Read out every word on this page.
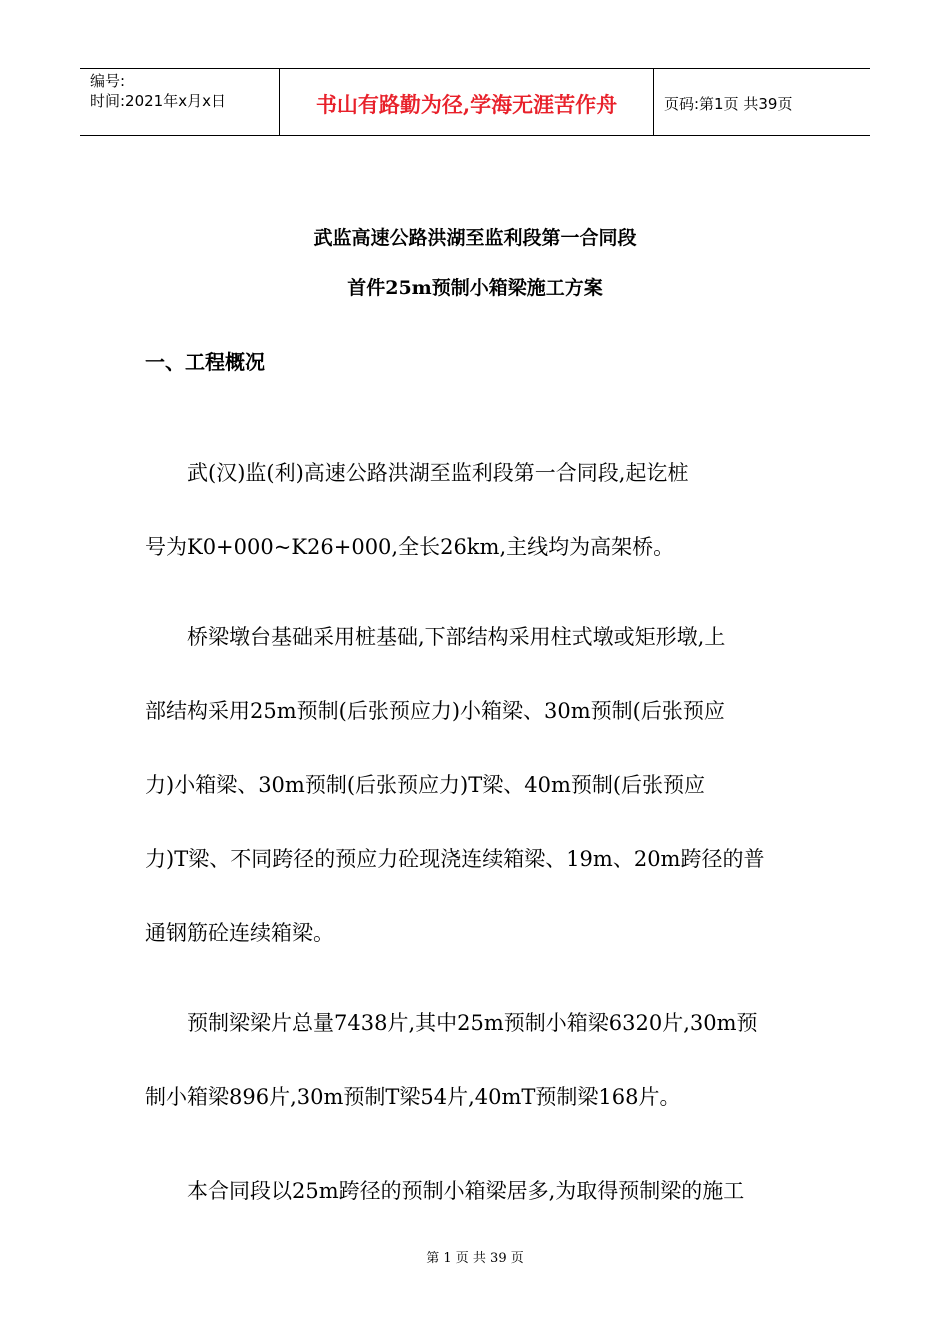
编号:
时间:2021年x月x日	书山有路勤为径,学海无涯苦作舟	页码:第1页 共39页
武监高速公路洪湖至监利段第一合同段
首件25m预制小箱梁施工方案
一、工程概况
　　武(汉)监(利)高速公路洪湖至监利段第一合同段,起讫桩
号为K0+000~K26+000,全长26km,主线均为高架桥。
　　桥梁墩台基础采用桩基础,下部结构采用柱式墩或矩形墩,上
部结构采用25m预制(后张预应力)小箱梁、30m预制(后张预应
力)小箱梁、30m预制(后张预应力)T梁、40m预制(后张预应
力)T梁、不同跨径的预应力砼现浇连续箱梁、19m、20m跨径的普
通钢筋砼连续箱梁。
　　预制梁梁片总量7438片,其中25m预制小箱梁6320片,30m预
制小箱梁896片,30m预制T梁54片,40mT预制梁168片。
　　本合同段以25m跨径的预制小箱梁居多,为取得预制梁的施工
第 1 页 共 39 页
